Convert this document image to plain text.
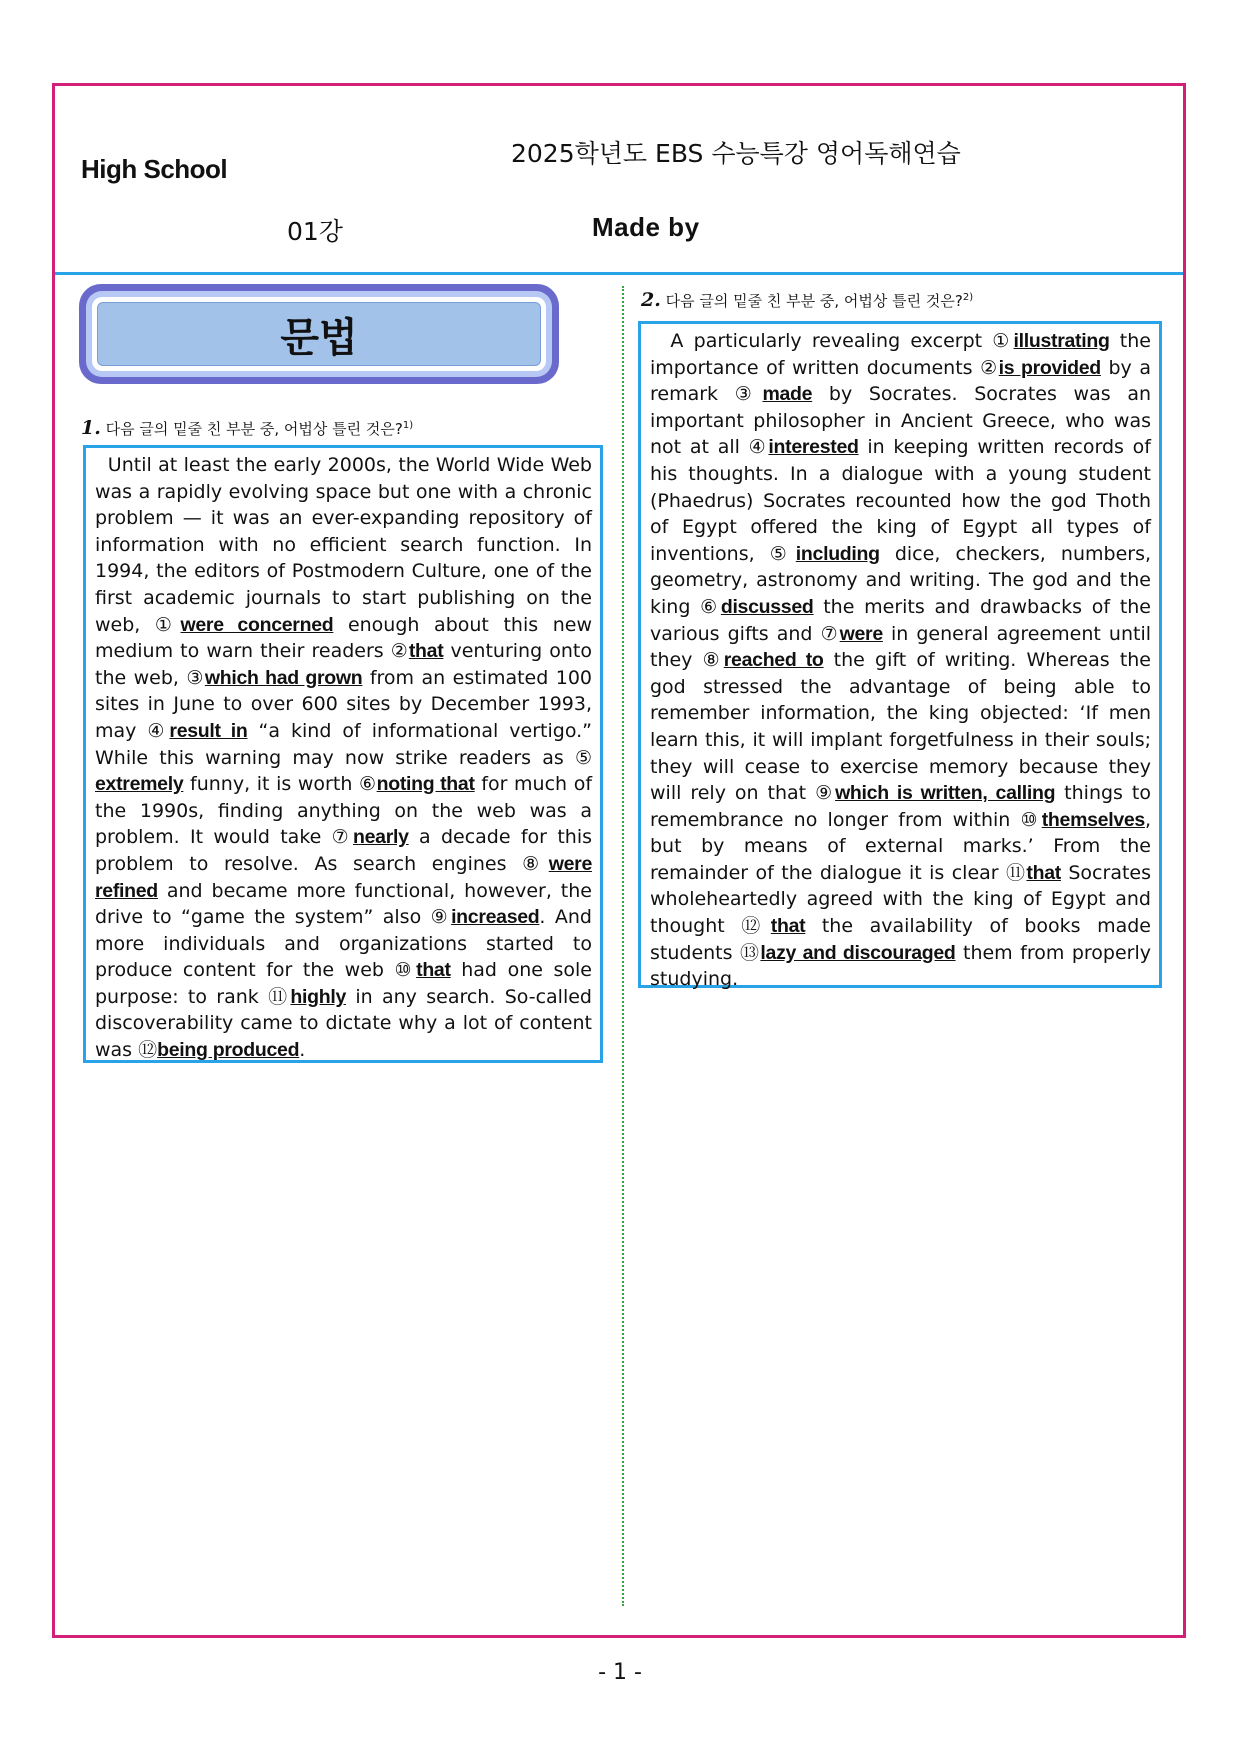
High School
2025학년도 EBS 수능특강 영어독해연습
01강	Made by
문법
1. 다음 글의 밑줄 친 부분 중, 어법상 틀린 것은?$^{1)}$
Until at least the early 2000s, the World Wide Web was a rapidly evolving space but one with a chronic problem — it was an ever-expanding repository of information with no efficient search function. In 1994, the editors of Postmodern Culture, one of the first academic journals to start publishing on the web, ①were concerned enough about this new medium to warn their readers ②that venturing onto the web, ③which had grown from an estimated 100 sites in June to over 600 sites by December 1993, may ④result in “a kind of informational vertigo.” While this warning may now strike readers as ⑤ extremely funny, it is worth ⑥noting that for much of the 1990s, finding anything on the web was a problem. It would take ⑦nearly a decade for this problem to resolve. As search engines ⑧were refined and became more functional, however, the drive to “game the system” also ⑨increased. And more individuals and organizations started to produce content for the web ⑩that had one sole purpose: to rank ⑪highly in any search. So-called discoverability came to dictate why a lot of content was ⑫being produced.
2. 다음 글의 밑줄 친 부분 중, 어법상 틀린 것은?$^{2)}$
A particularly revealing excerpt ①illustrating the importance of written documents ②is provided by a remark ③made by Socrates. Socrates was an important philosopher in Ancient Greece, who was not at all ④interested in keeping written records of his thoughts. In a dialogue with a young student (Phaedrus) Socrates recounted how the god Thoth of Egypt offered the king of Egypt all types of inventions, ⑤including dice, checkers, numbers, geometry, astronomy and writing. The god and the king ⑥discussed the merits and drawbacks of the various gifts and ⑦were in general agreement until they ⑧reached to the gift of writing. Whereas the god stressed the advantage of being able to remember information, the king objected: ‘If men learn this, it will implant forgetfulness in their souls; they will cease to exercise memory because they will rely on that ⑨which is written, calling things to remembrance no longer from within ⑩themselves, but by means of external marks.’ From the remainder of the dialogue it is clear ⑪that Socrates wholeheartedly agreed with the king of Egypt and thought ⑫that the availability of books made students ⑬lazy and discouraged them from properly studying.
- 1 -
